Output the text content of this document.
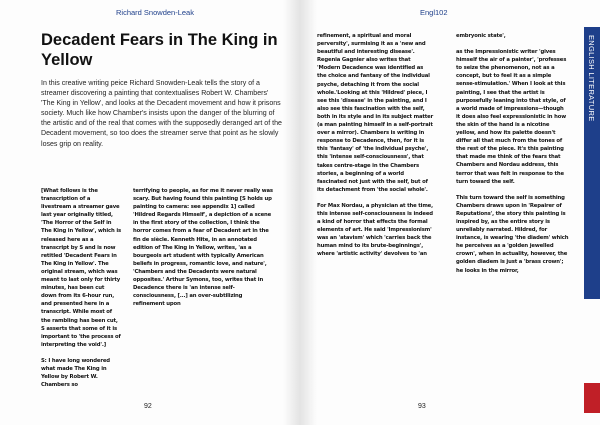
Richard Snowden-Leak
Decadent Fears in The King in Yellow

In this creative writing peice Richard Snowden-Leak tells the story of a streamer discovering a painting that contextualises Robert W. Chambers' 'The King in Yellow', and looks at the Decadent movement and how it prisons society. Much like how Chamber's insists upon the danger of the blurring of the artistic and of the real that comes with the supposedly deranged art of the Decadent movement, so too does the streamer serve that point as he slowly loses grip on reality.

[What follows is the transcription of a livestream a streamer gave last year originally titled, 'The Horror of the Self in The King in Yellow', which is released here as a transcript by S and is now retitled 'Decadent Fears in The King in Yellow'. The original stream, which was meant to last only for thirty minutes, has been cut down from its 6-hour run, and presented here in a transcript. While most of the rambling has been cut, S asserts that some of it is important to 'the process of interpreting the void'.]

S: I have long wondered what made The King in Yellow by Robert W. Chambers so

terrifying to people, as for me it never really was scary. But having found this painting [S holds up painting to camera: see appendix 1] called 'Hildred Regards Himself', a depiction of a scene in the first story of the collection, I think the horror comes from a fear of Decadent art in the fin de siècle. Kenneth Hite, in an annotated edition of The King in Yellow, writes, 'as a bourgeois art student with typically American beliefs in progress, romantic love, and nature', 'Chambers and the Decadents were natural opposites.' Arthur Symons, too, writes that in Decadence there is 'an intense self-consciousness, [...] an over-subtilizing refinement upon

92
Engl102

refinement, a spiritual and moral perversity', surmising it as a 'new and beautiful and interesting disease'. Regenia Gagnier also writes that 'Modern Decadence was identified as the choice and fantasy of the individual psyche, detaching it from the social whole.'Looking at this 'Hildred' piece, I see this 'disease' in the painting, and I also see this fascination with the self, both in its style and in its subject matter (a man painting himself in a self-portrait over a mirror). Chambers is writing in response to Decadence, then, for it is this 'fantasy' of 'the individual psyche', this 'intense self-consciousness', that takes centre-stage in the Chambers stories, a beginning of a world fascinated not just with the self, but of its detachment from 'the social whole'.

For Max Nordau, a physician at the time, this intense self-consciousness is indeed a kind of horror that effects the formal elements of art. He said 'Impressionism' was an 'atavism' which 'carries back the human mind to its brute-beginnings', where 'artistic activity' devolves to 'an

embryonic state',

as the Impressionistic writer 'gives himself the air of a painter', 'professes to seize the phenomenon, not as a concept, but to feel it as a simple sense-stimulation.' When I look at this painting, I see that the artist is purposefully leaning into that style, of a world made of impressions—though it does also feel expressionistic in how the skin of the hand is a nicotine yellow, and how its palette doesn't differ all that much from the tones of the rest of the piece. It's this painting that made me think of the fears that Chambers and Nordau address, this terror that was felt in response to the turn toward the self.

This turn toward the self is something Chambers draws upon in 'Repairer of Reputations', the story this painting is inspired by, as the entire story is unreliably narrated. Hildred, for instance, is wearing 'the diadem' which he perceives as a 'golden jewelled crown', when in actuality, however, the golden diadem is just a 'brass crown'; he looks in the mirror,

93
ENGLISH LITERATURE
